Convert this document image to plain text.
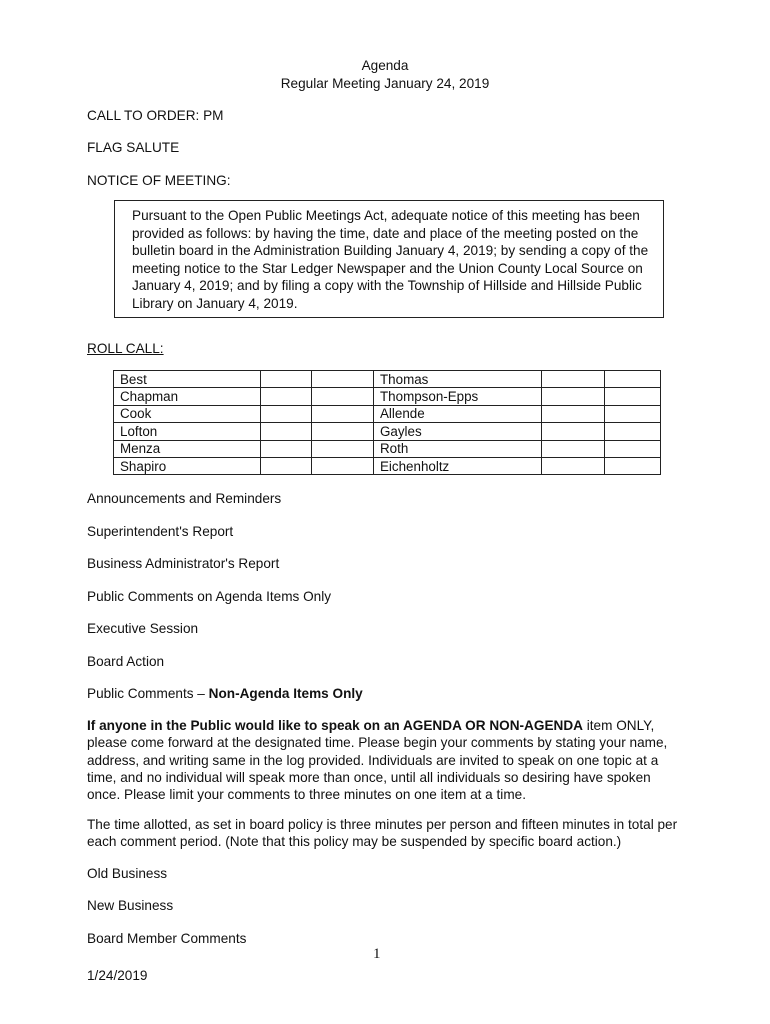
Agenda
Regular Meeting January 24, 2019
CALL TO ORDER: PM
FLAG SALUTE
NOTICE OF MEETING:
Pursuant to the Open Public Meetings Act, adequate notice of this meeting has been provided as follows: by having the time, date and place of the meeting posted on the bulletin board in the Administration Building January 4, 2019; by sending a copy of the meeting notice to the Star Ledger Newspaper and the Union County Local Source on January 4, 2019; and by filing a copy with the Township of Hillside and Hillside Public Library on January 4, 2019.
ROLL CALL:
Best			Thomas		
Chapman			Thompson-Epps		
Cook			Allende		
Lofton			Gayles		
Menza			Roth		
Shapiro			Eichenholtz		
Announcements and Reminders
Superintendent's Report
Business Administrator's Report
Public Comments on Agenda Items Only
Executive Session
Board Action
Public Comments – Non-Agenda Items Only
If anyone in the Public would like to speak on an AGENDA OR NON-AGENDA item ONLY, please come forward at the designated time. Please begin your comments by stating your name, address, and writing same in the log provided. Individuals are invited to speak on one topic at a time, and no individual will speak more than once, until all individuals so desiring have spoken once. Please limit your comments to three minutes on one item at a time.
The time allotted, as set in board policy is three minutes per person and fifteen minutes in total per each comment period. (Note that this policy may be suspended by specific board action.)
Old Business
New Business
Board Member Comments
1
1/24/2019
